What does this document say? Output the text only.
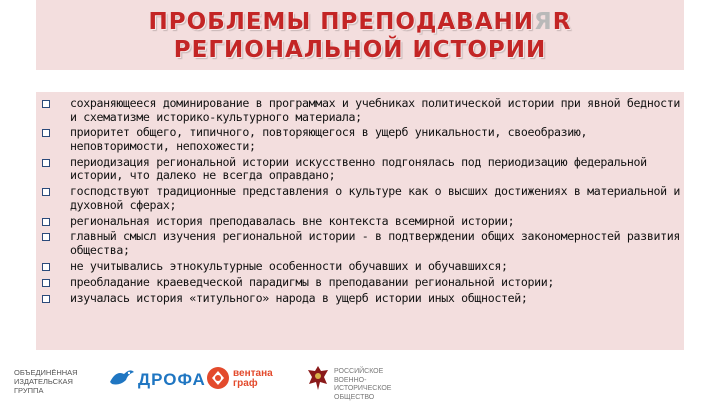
ПРОБЛЕМЫ ПРЕПОДАВАНИЯR
РЕГИОНАЛЬНОЙ ИСТОРИИ
сохраняющееся доминирование в программах и учебниках политической истории при явной бедности и схематизме историко-культурного материала;
приоритет общего, типичного, повторяющегося в ущерб уникальности, своеобразию, неповторимости, непохожести;
периодизация региональной истории искусственно подгонялась под периодизацию федеральной истории, что далеко не всегда оправдано;
господствуют традиционные представления о культуре как о высших достижениях в материальной и духовной сферах;
региональная история преподавалась вне контекста всемирной истории;
главный смысл изучения региональной истории - в подтверждении общих закономерностей развития общества;
не учитывались этнокультурные особенности обучавших и обучавшихся;
преобладание краеведческой парадигмы в преподавании региональной истории;
изучалась история «титульного» народа в ущерб истории иных общностей;
ОБЪЕДИНЁННАЯ ИЗДАТЕЛЬСКАЯ ГРУППА
ДРОФА	вентана
граф
РОССИЙСКОЕ ВОЕННО-ИСТОРИЧЕСКОЕ ОБЩЕСТВО
